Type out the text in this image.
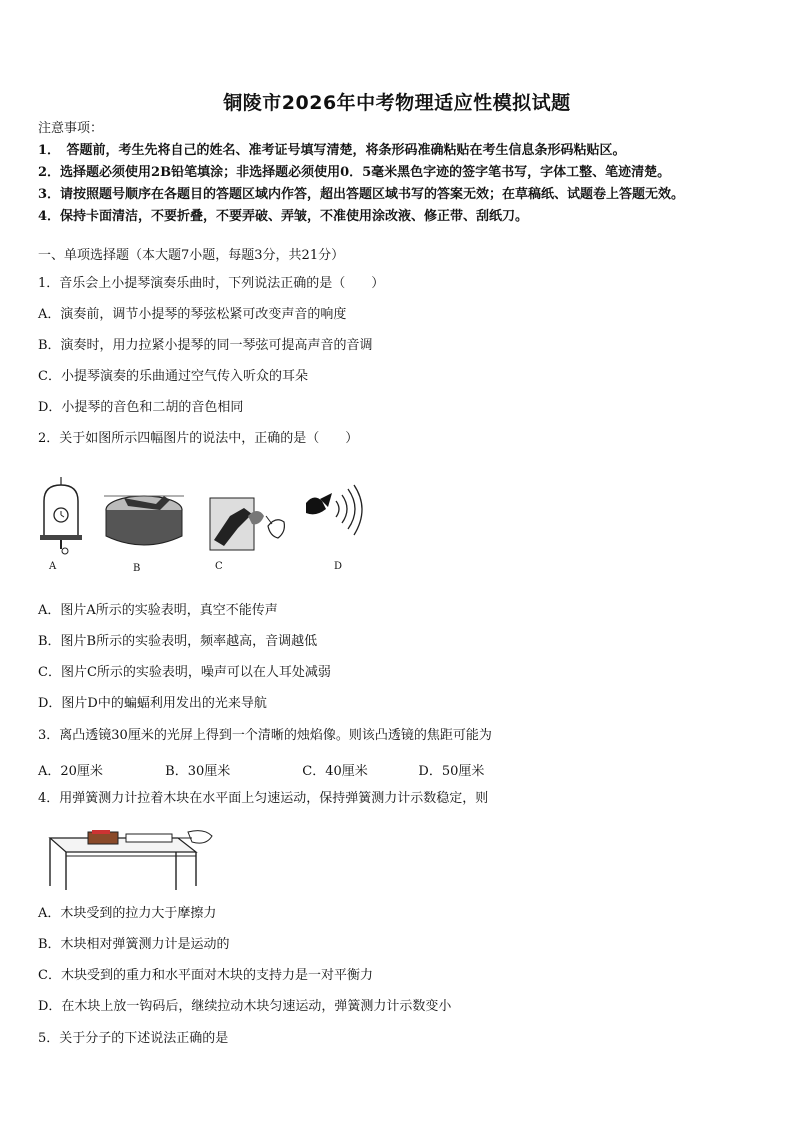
铜陵市2026年中考物理适应性模拟试题
注意事项：
1．　答题前，考生先将自己的姓名、准考证号填写清楚，将条形码准确粘贴在考生信息条形码粘贴区。
2．选择题必须使用2B铅笔填涂；非选择题必须使用0．5毫米黑色字迹的签字笔书写，字体工整、笔迹清楚。
3．请按照题号顺序在各题目的答题区域内作答，超出答题区域书写的答案无效；在草稿纸、试题卷上答题无效。
4．保持卡面清洁，不要折叠，不要弄破、弄皱，不准使用涂改液、修正带、刮纸刀。
一、单项选择题（本大题7小题，每题3分，共21分）
1．音乐会上小提琴演奏乐曲时，下列说法正确的是（　　）
A．演奏前，调节小提琴的琴弦松紧可改变声音的响度
B．演奏时，用力拉紧小提琴的同一琴弦可提高声音的音调
C．小提琴演奏的乐曲通过空气传入听众的耳朵
D．小提琴的音色和二胡的音色相同
2．关于如图所示四幅图片的说法中，正确的是（　　）
A	B	C	D
A．图片A所示的实验表明，真空不能传声
B．图片B所示的实验表明，频率越高，音调越低
C．图片C所示的实验表明，噪声可以在人耳处减弱
D．图片D中的蝙蝠利用发出的光来导航
3．离凸透镜30厘米的光屏上得到一个清晰的烛焰像。则该凸透镜的焦距可能为
A．20厘米	B．30厘米	C．40厘米	D．50厘米
4．用弹簧测力计拉着木块在水平面上匀速运动，保持弹簧测力计示数稳定，则
A．木块受到的拉力大于摩擦力
B．木块相对弹簧测力计是运动的
C．木块受到的重力和水平面对木块的支持力是一对平衡力
D．在木块上放一钩码后，继续拉动木块匀速运动，弹簧测力计示数变小
5．关于分子的下述说法正确的是
